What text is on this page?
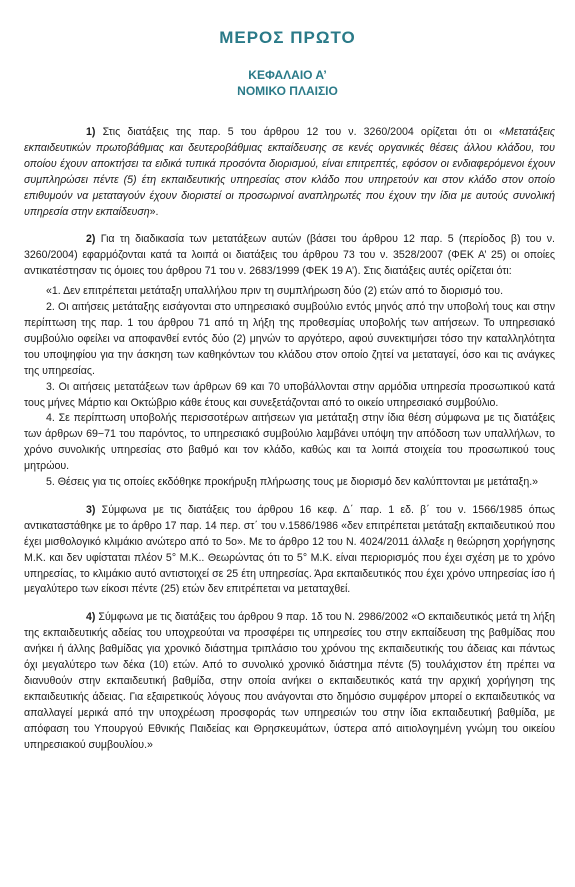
ΜΕΡΟΣ ΠΡΩΤΟ
ΚΕΦΑΛΑΙΟ Α’
ΝΟΜΙΚΟ ΠΛΑΙΣΙΟ

1) Στις διατάξεις της παρ. 5 του άρθρου 12 του ν. 3260/2004 ορίζεται ότι οι «Μετατάξεις εκπαιδευτικών πρωτοβάθμιας και δευτεροβάθμιας εκπαίδευσης σε κενές οργανικές θέσεις άλλου κλάδου, του οποίου έχουν αποκτήσει τα ειδικά τυπικά προσόντα διορισμού, είναι επιτρεπτές, εφόσον οι ενδιαφερόμενοι έχουν συμπληρώσει πέντε (5) έτη εκπαιδευτικής υπηρεσίας στον κλάδο που υπηρετούν και στον κλάδο στον οποίο επιθυμούν να μεταταγούν έχουν διοριστεί οι προσωρινοί αναπληρωτές που έχουν την ίδια με αυτούς συνολική υπηρεσία στην εκπαίδευση».

2) Για τη διαδικασία των μετατάξεων αυτών (βάσει του άρθρου 12 παρ. 5 (περίοδος β) του ν. 3260/2004) εφαρμόζονται κατά τα λοιπά οι διατάξεις του άρθρου 73 του ν. 3528/2007 (ΦΕΚ Α’ 25) οι οποίες αντικατέστησαν τις όμοιες του άρθρου 71 του ν. 2683/1999 (ΦΕΚ 19 Α’). Στις διατάξεις αυτές ορίζεται ότι:

«1. Δεν επιτρέπεται μετάταξη υπαλλήλου πριν τη συμπλήρωση δύο (2) ετών από το διορισμό του.

2. Οι αιτήσεις μετάταξης εισάγονται στο υπηρεσιακό συμβούλιο εντός μηνός από την υποβολή τους και στην περίπτωση της παρ. 1 του άρθρου 71 από τη λήξη της προθεσμίας υποβολής των αιτήσεων. Το υπηρεσιακό συμβούλιο οφείλει να αποφανθεί εντός δύο (2) μηνών το αργότερο, αφού συνεκτιμήσει τόσο την καταλληλότητα του υποψηφίου για την άσκηση των καθηκόντων του κλάδου στον οποίο ζητεί να μεταταγεί, όσο και τις ανάγκες της υπηρεσίας.

3. Οι αιτήσεις μετατάξεων των άρθρων 69 και 70 υποβάλλονται στην αρμόδια υπηρεσία προσωπικού κατά τους μήνες Μάρτιο και Οκτώβριο κάθε έτους και συνεξετάζονται από το οικείο υπηρεσιακό συμβούλιο.

4. Σε περίπτωση υποβολής περισσοτέρων αιτήσεων για μετάταξη στην ίδια θέση σύμφωνα με τις διατάξεις των άρθρων 69−71 του παρόντος, το υπηρεσιακό συμβούλιο λαμβάνει υπόψη την απόδοση των υπαλλήλων, το χρόνο συνολικής υπηρεσίας στο βαθμό και τον κλάδο, καθώς και τα λοιπά στοιχεία του προσωπικού τους μητρώου.

5. Θέσεις για τις οποίες εκδόθηκε προκήρυξη πλήρωσης τους με διορισμό δεν καλύπτονται με μετάταξη.»

3) Σύμφωνα με τις διατάξεις του άρθρου 16 κεφ. Δ΄ παρ. 1 εδ. β΄ του ν. 1566/1985 όπως αντικαταστάθηκε με το άρθρο 17 παρ. 14 περ. στ΄ του ν.1586/1986 «δεν επιτρέπεται μετάταξη εκπαιδευτικού που έχει μισθολογικό κλιμάκιο ανώτερο από το 5ο». Με το άρθρο 12 του Ν. 4024/2011 άλλαξε η θεώρηση χορήγησης Μ.Κ. και δεν υφίσταται πλέον 5° Μ.Κ.. Θεωρώντας ότι το 5° Μ.Κ. είναι περιορισμός που έχει σχέση με το χρόνο υπηρεσίας, το κλιμάκιο αυτό αντιστοιχεί σε 25 έτη υπηρεσίας. Άρα εκπαιδευτικός που έχει χρόνο υπηρεσίας ίσο ή μεγαλύτερο των είκοσι πέντε (25) ετών δεν επιτρέπεται να μεταταχθεί.

4) Σύμφωνα με τις διατάξεις του άρθρου 9 παρ. 1δ του Ν. 2986/2002 «Ο εκπαιδευτικός μετά τη λήξη της εκπαιδευτικής αδείας του υποχρεούται να προσφέρει τις υπηρεσίες του στην εκπαίδευση της βαθμίδας που ανήκει ή άλλης βαθμίδας για χρονικό διάστημα τριπλάσιο του χρόνου της εκπαιδευτικής του άδειας και πάντως όχι μεγαλύτερο των δέκα (10) ετών. Από το συνολικό χρονικό διάστημα πέντε (5) τουλάχιστον έτη πρέπει να διανυθούν στην εκπαιδευτική βαθμίδα, στην οποία ανήκει ο εκπαιδευτικός κατά την αρχική χορήγηση της εκπαιδευτικής άδειας. Για εξαιρετικούς λόγους που ανάγονται στο δημόσιο συμφέρον μπορεί ο εκπαιδευτικός να απαλλαγεί μερικά από την υποχρέωση προσφοράς των υπηρεσιών του στην ίδια εκπαιδευτική βαθμίδα, με απόφαση του Υπουργού Εθνικής Παιδείας και Θρησκευμάτων, ύστερα από αιτιολογημένη γνώμη του οικείου υπηρεσιακού συμβουλίου.»
